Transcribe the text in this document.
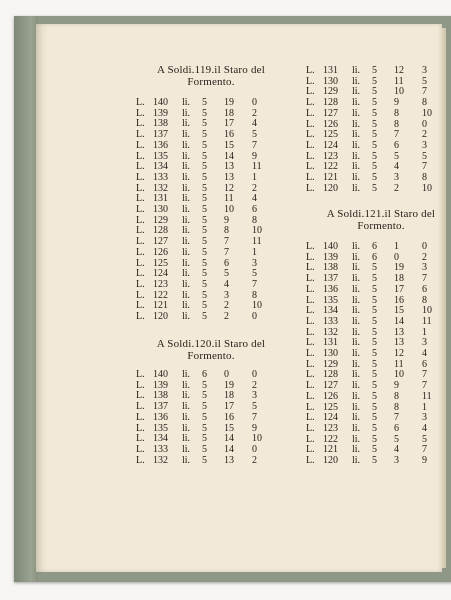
A Soldi.119.il Staro del
Formento.
L. 140 li. 5 19 0
L. 139 li. 5 18 2
L. 138 li. 5 17 4
L. 137 li. 5 16 5
L. 136 li. 5 15 7
L. 135 li. 5 14 9
L. 134 li. 5 13 11
L. 133 li. 5 13 1
L. 132 li. 5 12 2
L. 131 li. 5 11 4
L. 130 li. 5 10 6
L. 129 li. 5 9 8
L. 128 li. 5 8 10
L. 127 li. 5 7 11
L. 126 li. 5 7 1
L. 125 li. 5 6 3
L. 124 li. 5 5 5
L. 123 li. 5 4 7
L. 122 li. 5 3 8
L. 121 li. 5 2 10
L. 120 li. 5 2 0
A Soldi.120.il Staro del
Formento.
L. 140 li. 6 0 0
L. 139 li. 5 19 2
L. 138 li. 5 18 3
L. 137 li. 5 17 5
L. 136 li. 5 16 7
L. 135 li. 5 15 9
L. 134 li. 5 14 10
L. 133 li. 5 14 0
L. 132 li. 5 13 2
L. 131 li. 5 12 3
L. 130 li. 5 11 5
L. 129 li. 5 10 7
L. 128 li. 5 9 8
L. 127 li. 5 8 10
L. 126 li. 5 8 0
L. 125 li. 5 7 2
L. 124 li. 5 6 3
L. 123 li. 5 5 5
L. 122 li. 5 4 7
L. 121 li. 5 3 8
L. 120 li. 5 2 10
A Soldi.121.il Staro del
Formento.
L. 140 li. 6 1 0
L. 139 li. 6 0 2
L. 138 li. 5 19 3
L. 137 li. 5 18 7
L. 136 li. 5 17 6
L. 135 li. 5 16 8
L. 134 li. 5 15 10
L. 133 li. 5 14 11
L. 132 li. 5 13 1
L. 131 li. 5 13 3
L. 130 li. 5 12 4
L. 129 li. 5 11 6
L. 128 li. 5 10 7
L. 127 li. 5 9 7
L. 126 li. 5 8 11
L. 125 li. 5 8 1
L. 124 li. 5 7 3
L. 123 li. 5 6 4
L. 122 li. 5 5 5
L. 121 li. 5 4 7
L. 120 li. 5 3 9
